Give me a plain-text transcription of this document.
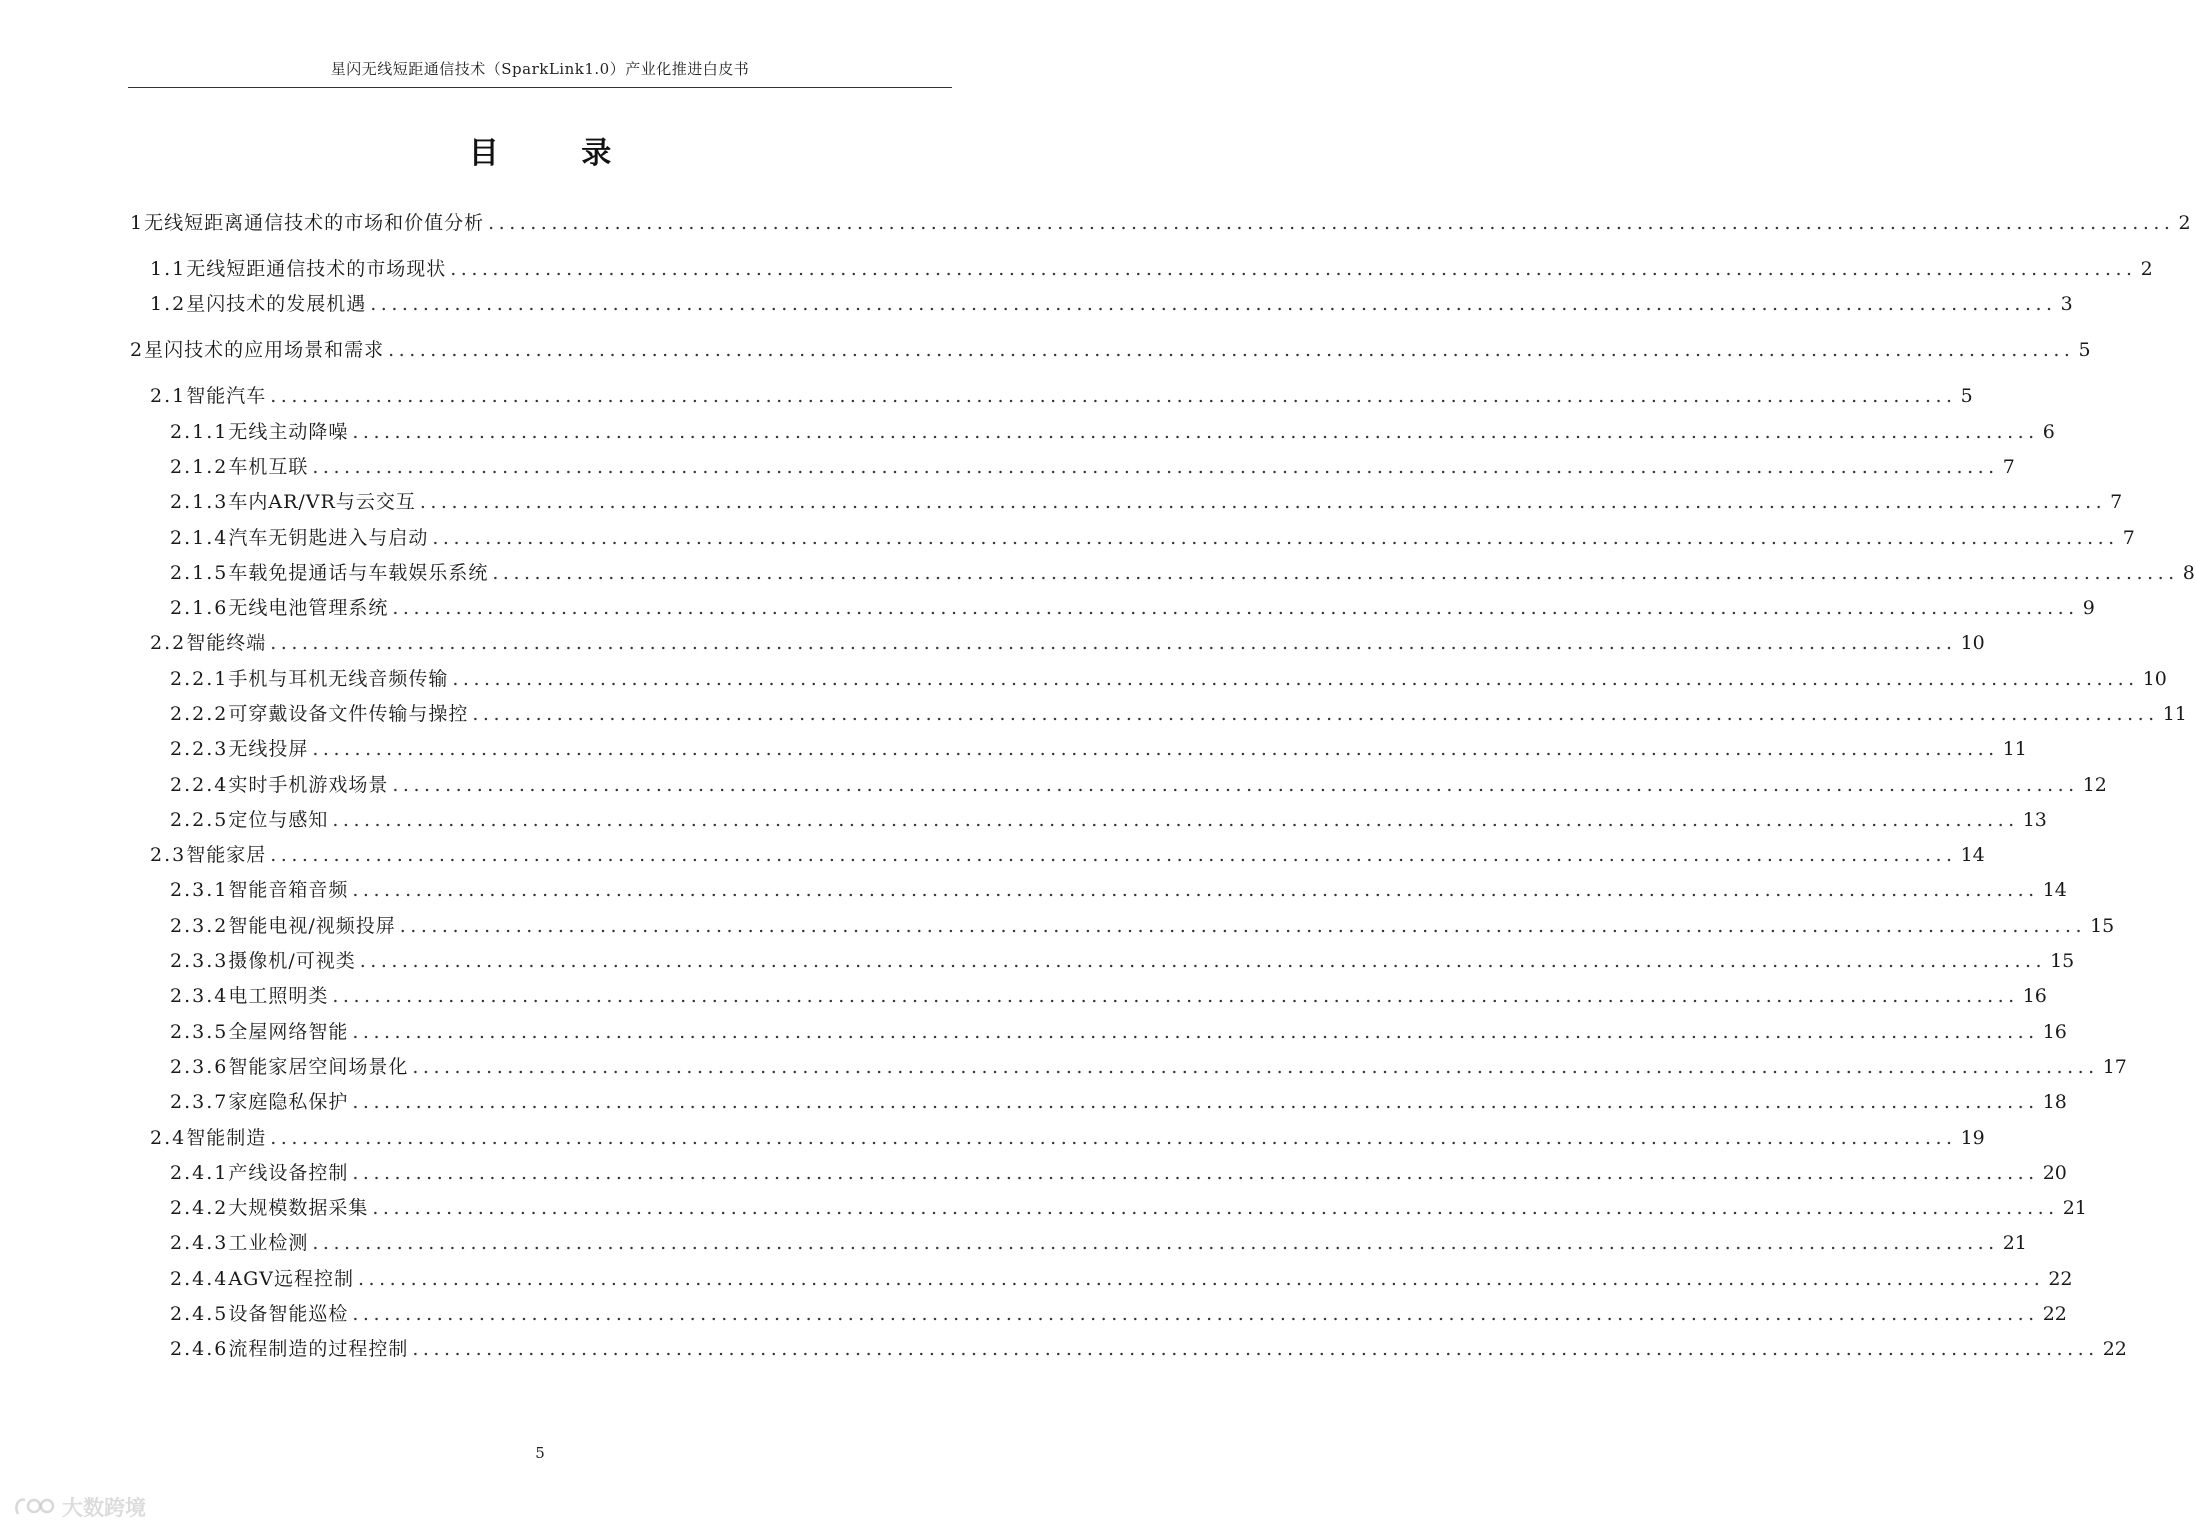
星闪无线短距通信技术（SparkLink1.0）产业化推进白皮书
目 录
1 无线短距离通信技术的市场和价值分析 ................................................................................................................................................................ 2
1.1 无线短距通信技术的市场现状 ................................................................................................................................................................ 2
1.2 星闪技术的发展机遇 ................................................................................................................................................................ 3
2 星闪技术的应用场景和需求 ................................................................................................................................................................ 5
2.1 智能汽车 ................................................................................................................................................................ 5
2.1.1 无线主动降噪 ................................................................................................................................................................ 6
2.1.2 车机互联 ................................................................................................................................................................ 7
2.1.3 车内AR/VR与云交互 ................................................................................................................................................................ 7
2.1.4 汽车无钥匙进入与启动 ................................................................................................................................................................ 7
2.1.5 车载免提通话与车载娱乐系统 ................................................................................................................................................................ 8
2.1.6 无线电池管理系统 ................................................................................................................................................................ 9
2.2 智能终端 ................................................................................................................................................................ 10
2.2.1 手机与耳机无线音频传输 ................................................................................................................................................................ 10
2.2.2 可穿戴设备文件传输与操控 ................................................................................................................................................................ 11
2.2.3 无线投屏 ................................................................................................................................................................ 11
2.2.4 实时手机游戏场景 ................................................................................................................................................................ 12
2.2.5 定位与感知 ................................................................................................................................................................ 13
2.3 智能家居 ................................................................................................................................................................ 14
2.3.1 智能音箱音频 ................................................................................................................................................................ 14
2.3.2 智能电视/视频投屏 ................................................................................................................................................................ 15
2.3.3 摄像机/可视类 ................................................................................................................................................................ 15
2.3.4 电工照明类 ................................................................................................................................................................ 16
2.3.5 全屋网络智能 ................................................................................................................................................................ 16
2.3.6 智能家居空间场景化 ................................................................................................................................................................ 17
2.3.7 家庭隐私保护 ................................................................................................................................................................ 18
2.4 智能制造 ................................................................................................................................................................ 19
2.4.1 产线设备控制 ................................................................................................................................................................ 20
2.4.2 大规模数据采集 ................................................................................................................................................................ 21
2.4.3 工业检测 ................................................................................................................................................................ 21
2.4.4 AGV远程控制 ................................................................................................................................................................ 22
2.4.5 设备智能巡检 ................................................................................................................................................................ 22
2.4.6 流程制造的过程控制 ................................................................................................................................................................ 22
5
大数跨境
